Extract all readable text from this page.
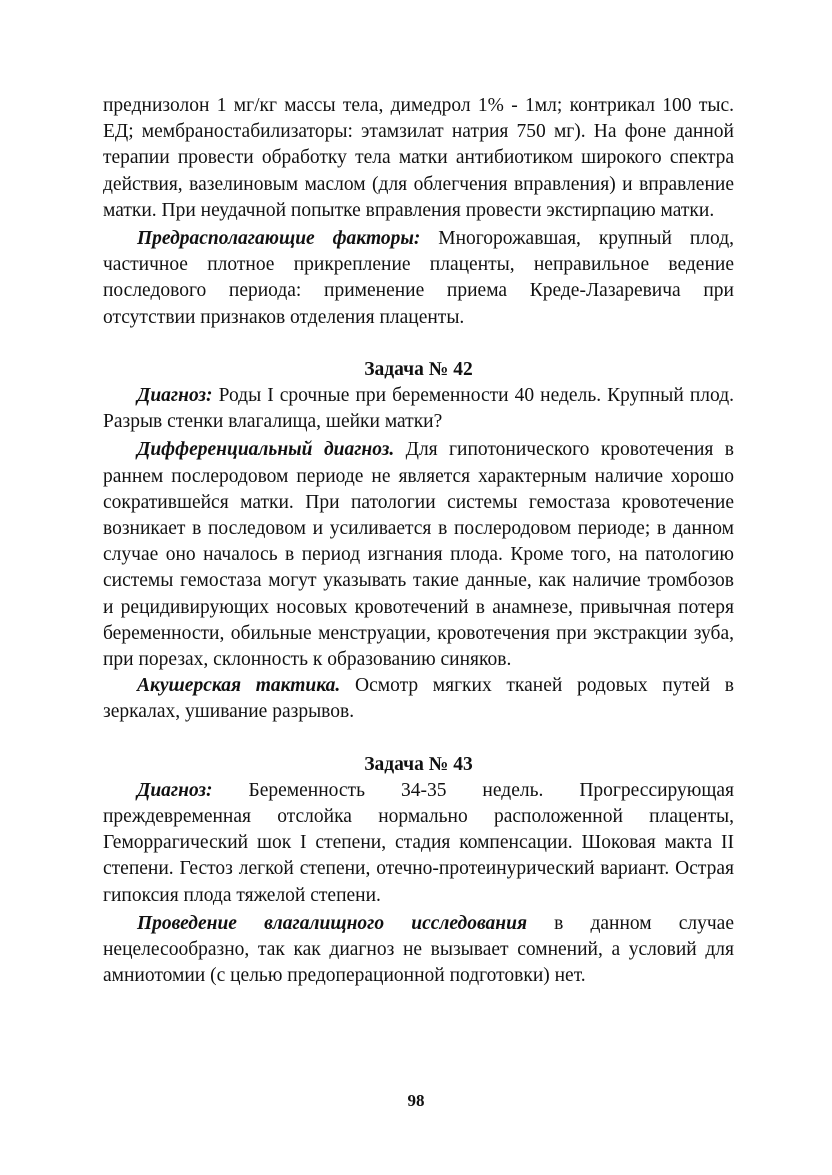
преднизолон 1 мг/кг массы тела, димедрол 1% - 1мл; контрикал 100 тыс. ЕД; мембраностабилизаторы: этамзилат натрия 750 мг). На фоне данной терапии провести обработку тела матки антибиотиком широкого спектра действия, вазелиновым маслом (для облегчения вправления) и вправление матки. При неудачной попытке вправления провести экстирпацию матки.

Предрасполагающие факторы: Многорожавшая, крупный плод, частичное плотное прикрепление плаценты, неправильное ведение последового периода: применение приема Креде-Лазаревича при отсутствии признаков отделения плаценты.

Задача № 42

Диагноз: Роды I срочные при беременности 40 недель. Крупный плод. Разрыв стенки влагалища, шейки матки?

Дифференциальный диагноз. Для гипотонического кровотечения в раннем послеродовом периоде не является характерным наличие хорошо сократившейся матки. При патологии системы гемостаза кровотечение возникает в последовом и усиливается в послеродовом периоде; в данном случае оно началось в период изгнания плода. Кроме того, на патологию системы гемостаза могут указывать такие данные, как наличие тромбозов и рецидивирующих носовых кровотечений в анамнезе, привычная потеря беременности, обильные менструации, кровотечения при экстракции зуба, при порезах, склонность к образованию синяков.

Акушерская тактика. Осмотр мягких тканей родовых путей в зеркалах, ушивание разрывов.

Задача № 43

Диагноз: Беременность 34-35 недель. Прогрессирующая преждевременная отслойка нормально расположенной плаценты, Геморрагический шок I степени, стадия компенсации. Шоковая макта II степени. Гестоз легкой степени, отечно-протеинурический вариант. Острая гипоксия плода тяжелой степени.

Проведение влагалищного исследования в данном случае нецелесообразно, так как диагноз не вызывает сомнений, а условий для амниотомии (с целью предоперационной подготовки) нет.

98
